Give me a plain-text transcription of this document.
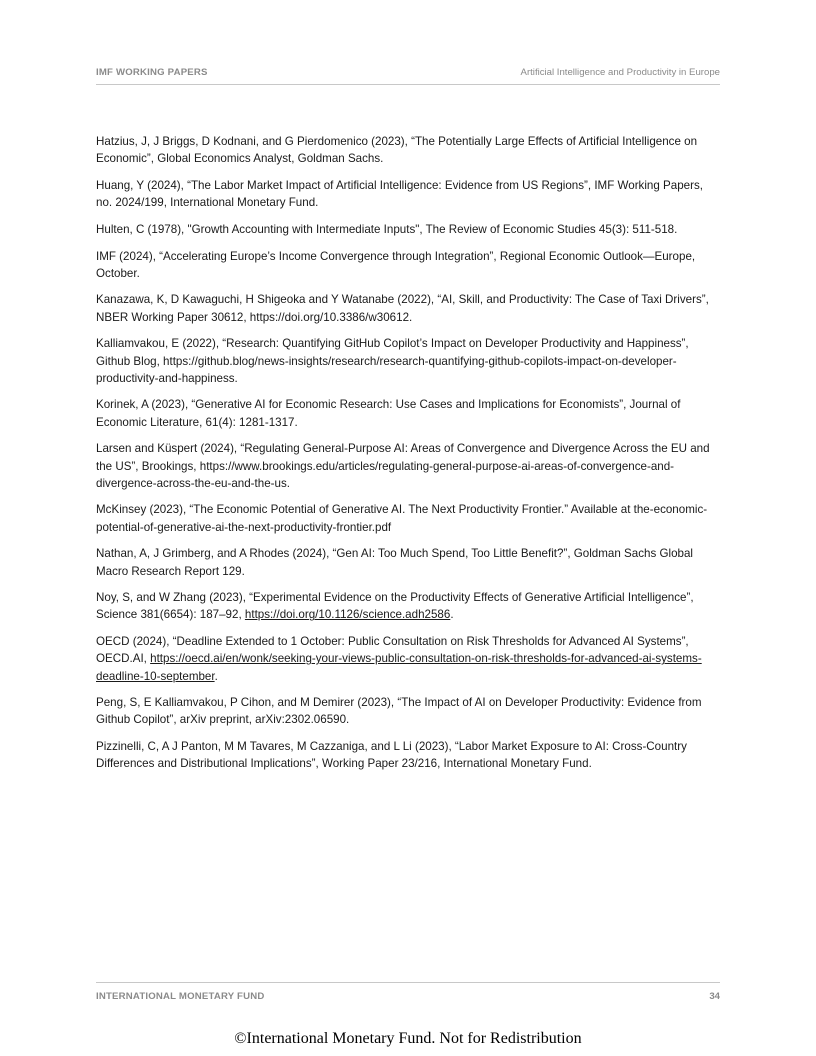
IMF WORKING PAPERS	Artificial Intelligence and Productivity in Europe

Hatzius, J, J Briggs, D Kodnani, and G Pierdomenico (2023), “The Potentially Large Effects of Artificial Intelligence on Economic”, Global Economics Analyst, Goldman Sachs.

Huang, Y (2024), “The Labor Market Impact of Artificial Intelligence: Evidence from US Regions”, IMF Working Papers, no. 2024/199, International Monetary Fund.

Hulten, C (1978), "Growth Accounting with Intermediate Inputs", The Review of Economic Studies 45(3): 511-518.

IMF (2024), “Accelerating Europe’s Income Convergence through Integration”, Regional Economic Outlook—Europe, October.

Kanazawa, K, D Kawaguchi, H Shigeoka and Y Watanabe (2022), “AI, Skill, and Productivity: The Case of Taxi Drivers”, NBER Working Paper 30612, https://doi.org/10.3386/w30612.

Kalliamvakou, E (2022), “Research: Quantifying GitHub Copilot’s Impact on Developer Productivity and Happiness”, Github Blog, https://github.blog/news-insights/research/research-quantifying-github-copilots-impact-on-developer-productivity-and-happiness.

Korinek, A (2023), “Generative AI for Economic Research: Use Cases and Implications for Economists”, Journal of Economic Literature, 61(4): 1281-1317.

Larsen and Küspert (2024), “Regulating General-Purpose AI: Areas of Convergence and Divergence Across the EU and the US”, Brookings, https://www.brookings.edu/articles/regulating-general-purpose-ai-areas-of-convergence-and-divergence-across-the-eu-and-the-us.

McKinsey (2023), “The Economic Potential of Generative AI. The Next Productivity Frontier.” Available at the-economic-potential-of-generative-ai-the-next-productivity-frontier.pdf

Nathan, A, J Grimberg, and A Rhodes (2024), “Gen AI: Too Much Spend, Too Little Benefit?”, Goldman Sachs Global Macro Research Report 129.

Noy, S, and W Zhang (2023), “Experimental Evidence on the Productivity Effects of Generative Artificial Intelligence”, Science 381(6654): 187–92, https://doi.org/10.1126/science.adh2586.

OECD (2024), “Deadline Extended to 1 October: Public Consultation on Risk Thresholds for Advanced AI Systems”, OECD.AI, https://oecd.ai/en/wonk/seeking-your-views-public-consultation-on-risk-thresholds-for-advanced-ai-systems-deadline-10-september.

Peng, S, E Kalliamvakou, P Cihon, and M Demirer (2023), “The Impact of AI on Developer Productivity: Evidence from Github Copilot”, arXiv preprint, arXiv:2302.06590.

Pizzinelli, C, A J Panton, M M Tavares, M Cazzaniga, and L Li (2023), “Labor Market Exposure to AI: Cross-Country Differences and Distributional Implications”, Working Paper 23/216, International Monetary Fund.

INTERNATIONAL MONETARY FUND	34
©International Monetary Fund. Not for Redistribution
